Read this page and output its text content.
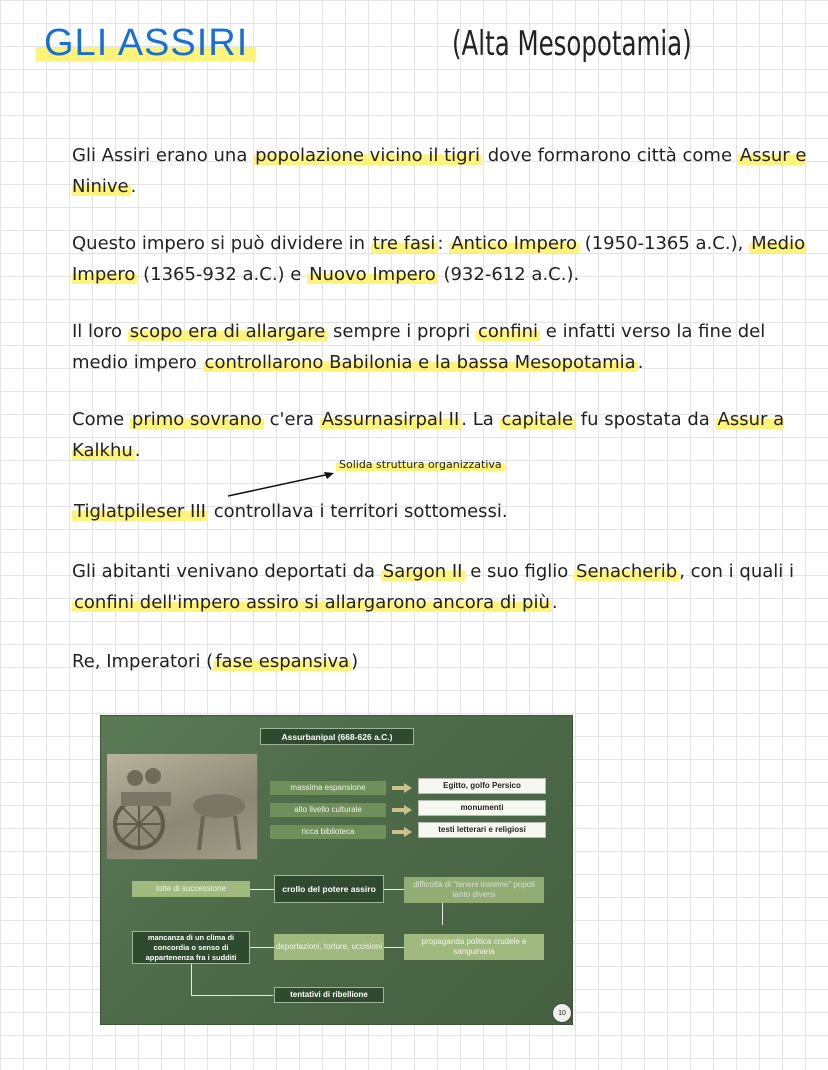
GLI ASSIRI	(Alta Mesopotamia)
Gli Assiri erano una popolazione vicino il tigri dove formarono città come Assur e Ninive .
Questo impero si può dividere in tre fasi : Antico Impero (1950-1365 a.C.), Medio Impero (1365-932 a.C.) e Nuovo Impero (932-612 a.C.).
Il loro scopo era di allargare sempre i propri confini e infatti verso la fine del medio impero controllarono Babilonia e la bassa Mesopotamia .
Come primo sovrano c'era Assurnasirpal II . La capitale fu spostata da Assur a Kalkhu .
Solida struttura organizzativa
Tiglatpileser III controllava i territori sottomessi.
Gli abitanti venivano deportati da Sargon II e suo figlio Senacherib , con i quali i confini dell'impero assiro si allargarono ancora di più .
Re, Imperatori ( fase espansiva )
Assurbanipal (668-626 a.C.)
massima espansione
alto livello culturale
ricca biblioteca
Egitto, golfo Persico
monumenti
testi letterari e religiosi
lotte di successione	crollo del potere assiro	difficoltà di "tenere insieme" popoli tanto diversi
mancanza di un clima di concordia o senso di appartenenza fra i sudditi
deportazioni, torture, uccisioni
propaganda politica crudele e sanguinaria
tentativi di ribellione
10
